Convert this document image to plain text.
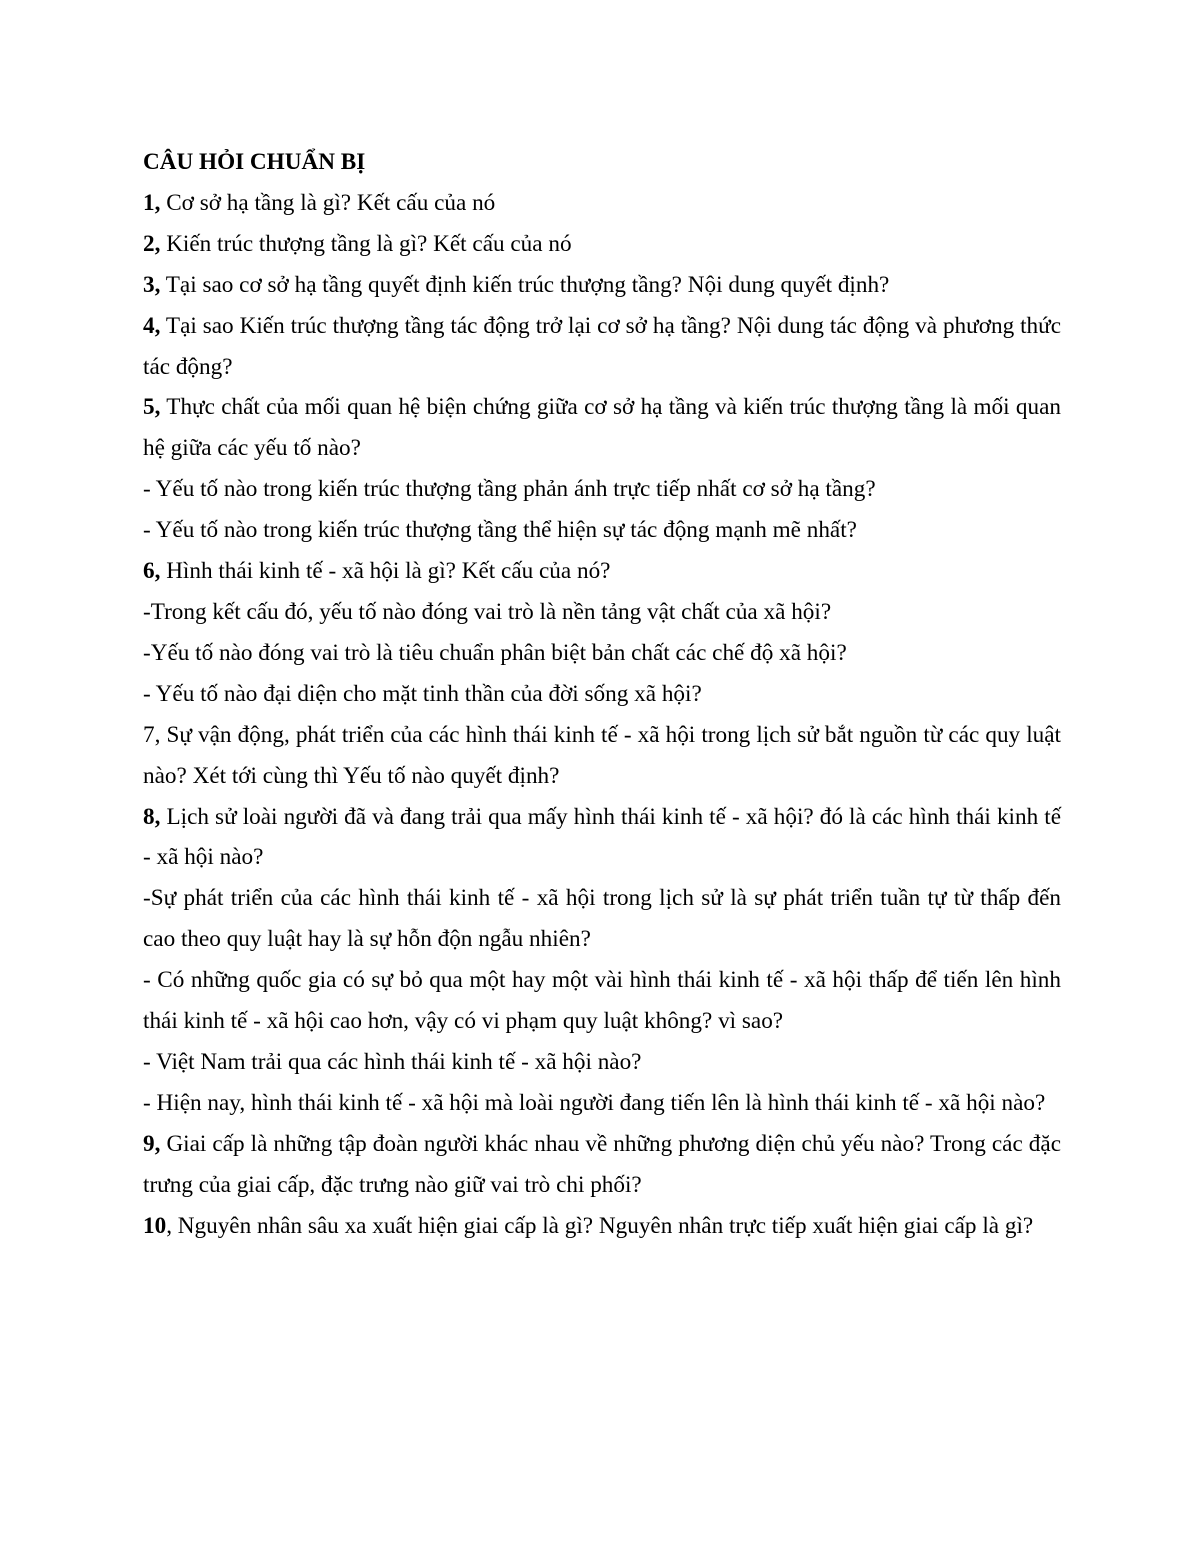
CÂU HỎI CHUẨN BỊ

1, Cơ sở hạ tầng là gì? Kết cấu của nó

2, Kiến trúc thượng tầng là gì? Kết cấu của nó

3, Tại sao cơ sở hạ tầng quyết định kiến trúc thượng tầng? Nội dung quyết định?

4, Tại sao Kiến trúc thượng tầng tác động trở lại cơ sở hạ tầng? Nội dung tác động và phương thức tác động?

5, Thực chất của mối quan hệ biện chứng giữa cơ sở hạ tầng và kiến trúc thượng tầng là mối quan hệ giữa các yếu tố nào?

- Yếu tố nào trong kiến trúc thượng tầng phản ánh trực tiếp nhất cơ sở hạ tầng?

- Yếu tố nào trong kiến trúc thượng tầng thể hiện sự tác động mạnh mẽ nhất?

6, Hình thái kinh tế - xã hội là gì? Kết cấu của nó?

-Trong kết cấu đó, yếu tố nào đóng vai trò là nền tảng vật chất của xã hội?

-Yếu tố nào đóng vai trò là tiêu chuẩn phân biệt bản chất các chế độ xã hội?

- Yếu tố nào đại diện cho mặt tinh thần của đời sống xã hội?

7, Sự vận động, phát triển của các hình thái kinh tế - xã hội trong lịch sử bắt nguồn từ các quy luật nào? Xét tới cùng thì Yếu tố nào quyết định?

8, Lịch sử loài người đã và đang trải qua mấy hình thái kinh tế - xã hội? đó là các hình thái kinh tế - xã hội nào?

-Sự phát triển của các hình thái kinh tế - xã hội trong lịch sử là sự phát triển tuần tự từ thấp đến cao theo quy luật hay là sự hỗn độn ngẫu nhiên?

- Có những quốc gia có sự bỏ qua một hay một vài hình thái kinh tế - xã hội thấp để tiến lên hình thái kinh tế - xã hội cao hơn, vậy có vi phạm quy luật không? vì sao?

- Việt Nam trải qua các hình thái kinh tế - xã hội nào?

- Hiện nay, hình thái kinh tế - xã hội mà loài người đang tiến lên là hình thái kinh tế - xã hội nào?

9, Giai cấp là những tập đoàn người khác nhau về những phương diện chủ yếu nào? Trong các đặc trưng của giai cấp, đặc trưng nào giữ vai trò chi phối?

10, Nguyên nhân sâu xa xuất hiện giai cấp là gì? Nguyên nhân trực tiếp xuất hiện giai cấp là gì?
